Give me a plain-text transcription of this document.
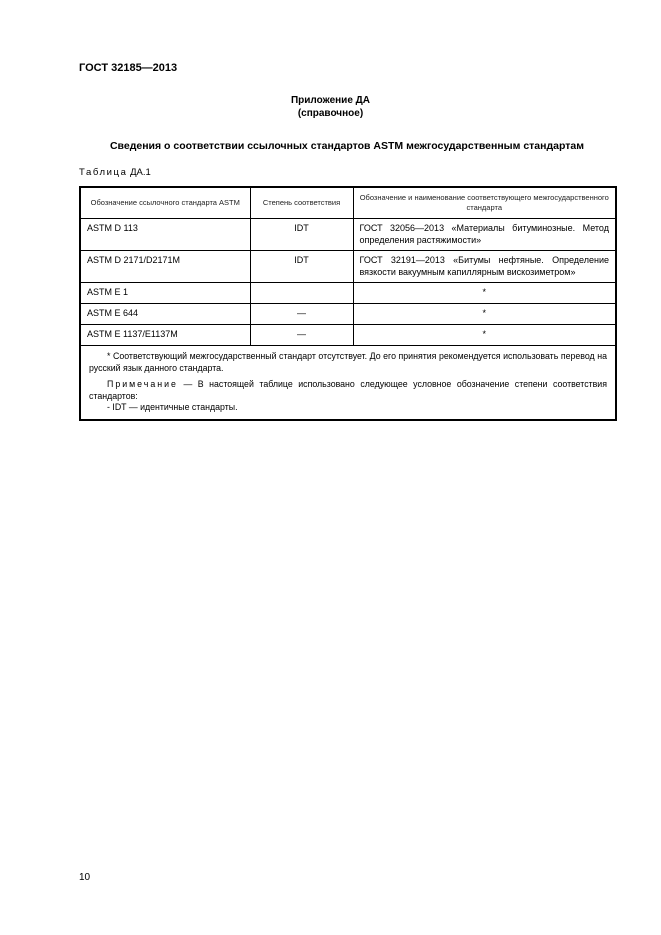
ГОСТ 32185—2013
Приложение ДА
(справочное)
Сведения о соответствии ссылочных стандартов ASTM межгосударственным стандартам
Таблица ДА.1
Обозначение ссылочного стандарта ASTM	Степень соответствия	Обозначение и наименование соответствующего межгосударственного стандарта
ASTM D 113	IDT	ГОСТ 32056—2013 «Материалы битуминозные. Метод определения растяжимости»
ASTM D 2171/D2171M	IDT	ГОСТ 32191—2013 «Битумы нефтяные. Определение вязкости вакуумным капиллярным вискозиметром»
ASTM E 1		*
ASTM E 644	—	*
ASTM E 1137/E1137M	—	*

* Соответствующий межгосударственный стандарт отсутствует. До его принятия рекомендуется использовать перевод на русский язык данного стандарта.
Примечание — В настоящей таблице использовано следующее условное обозначение степени соответствия стандартов:
- IDT — идентичные стандарты.		
10
